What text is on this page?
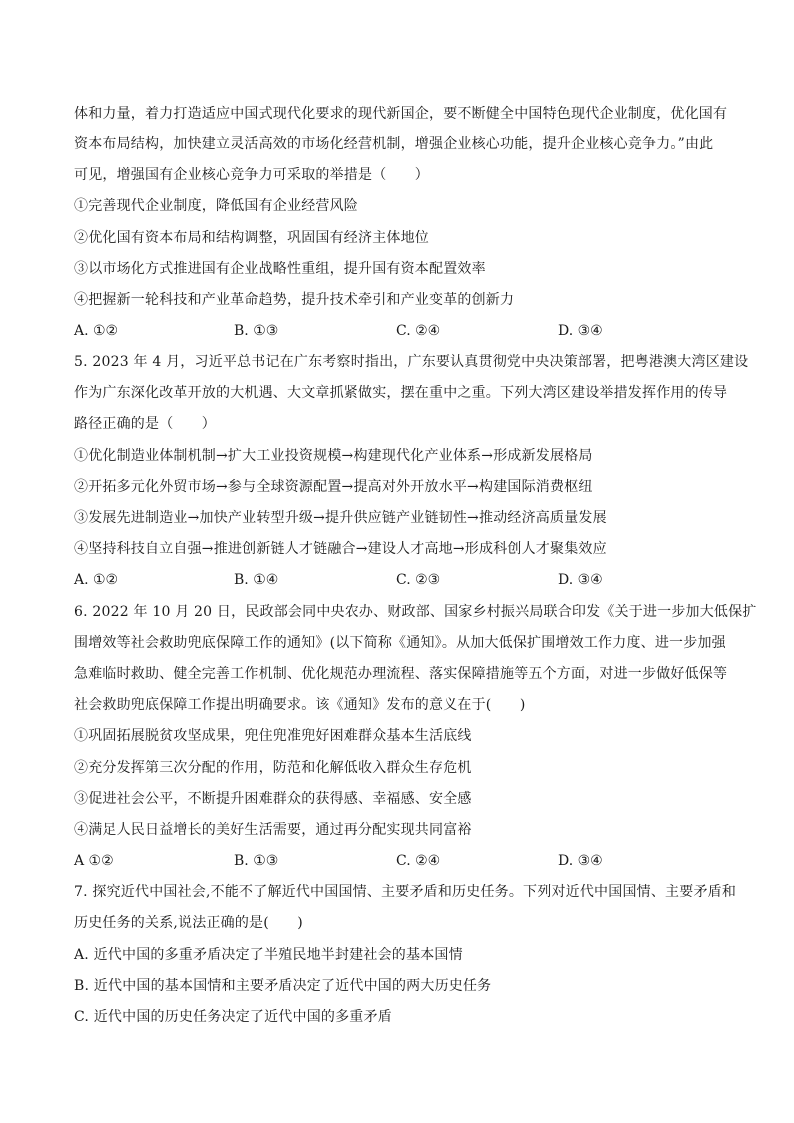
体和力量，着力打造适应中国式现代化要求的现代新国企，要不断健全中国特色现代企业制度，优化国有
资本布局结构，加快建立灵活高效的市场化经营机制，增强企业核心功能，提升企业核心竞争力。”由此
可见，增强国有企业核心竞争力可采取的举措是（　　）
①完善现代企业制度，降低国有企业经营风险
②优化国有资本布局和结构调整，巩固国有经济主体地位
③以市场化方式推进国有企业战略性重组，提升国有资本配置效率
④把握新一轮科技和产业革命趋势，提升技术牵引和产业变革的创新力
A. ①②	B. ①③	C. ②④	D. ③④
5. 2023 年 4 月，习近平总书记在广东考察时指出，广东要认真贯彻党中央决策部署，把粤港澳大湾区建设
作为广东深化改革开放的大机遇、大文章抓紧做实，摆在重中之重。下列大湾区建设举措发挥作用的传导
路径正确的是（　　）
①优化制造业体制机制→扩大工业投资规模→构建现代化产业体系→形成新发展格局
②开拓多元化外贸市场→参与全球资源配置→提高对外开放水平→构建国际消费枢纽
③发展先进制造业→加快产业转型升级→提升供应链产业链韧性→推动经济高质量发展
④坚持科技自立自强→推进创新链人才链融合→建设人才高地→形成科创人才聚集效应
A. ①②	B. ①④	C. ②③	D. ③④
6. 2022 年 10 月 20 日，民政部会同中央农办、财政部、国家乡村振兴局联合印发《关于进一步加大低保扩
围增效等社会救助兜底保障工作的通知》(以下简称《通知》。从加大低保扩围增效工作力度、进一步加强
急难临时救助、健全完善工作机制、优化规范办理流程、落实保障措施等五个方面，对进一步做好低保等
社会救助兜底保障工作提出明确要求。该《通知》发布的意义在于(　　)
①巩固拓展脱贫攻坚成果，兜住兜准兜好困难群众基本生活底线
②充分发挥第三次分配的作用，防范和化解低收入群众生存危机
③促进社会公平，不断提升困难群众的获得感、幸福感、安全感
④满足人民日益增长的美好生活需要，通过再分配实现共同富裕
A ①②	B. ①③	C. ②④	D. ③④
7. 探究近代中国社会,不能不了解近代中国国情、主要矛盾和历史任务。下列对近代中国国情、主要矛盾和
历史任务的关系,说法正确的是(　　)
A. 近代中国的多重矛盾决定了半殖民地半封建社会的基本国情
B. 近代中国的基本国情和主要矛盾决定了近代中国的两大历史任务
C. 近代中国的历史任务决定了近代中国的多重矛盾
